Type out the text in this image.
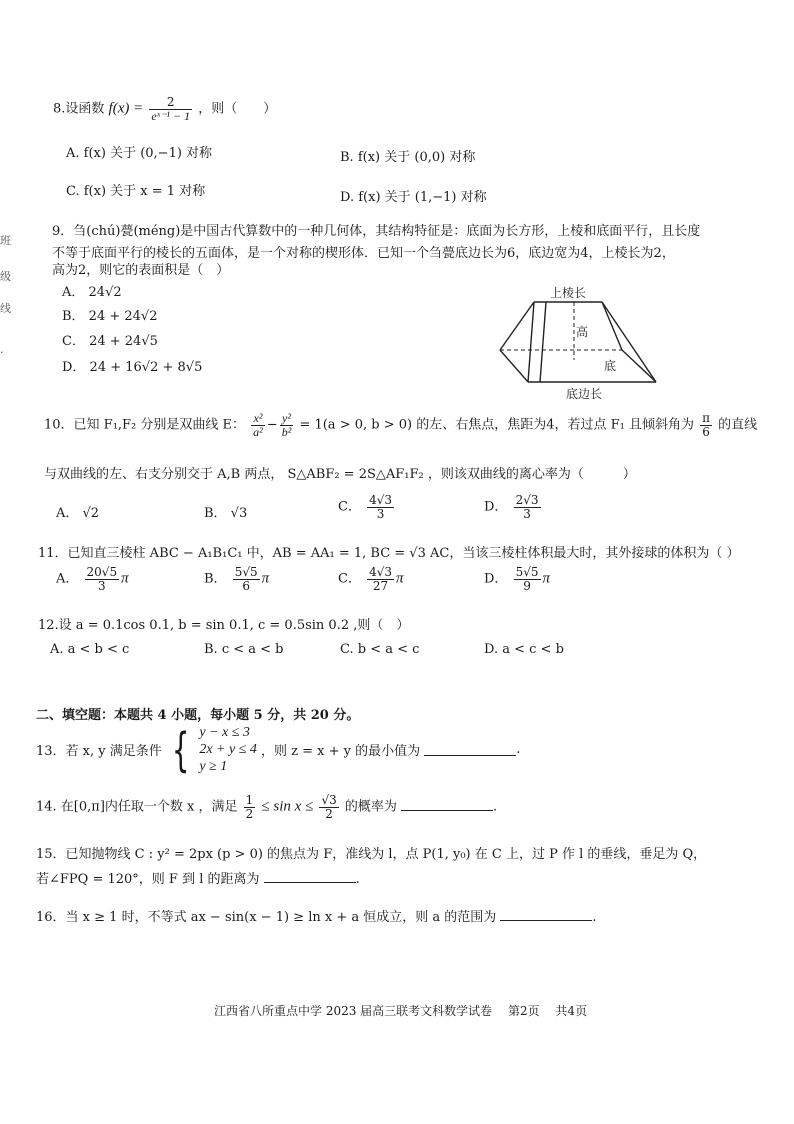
班
级
线
·
8.设函数 $f(x) = \frac{2}{\text{eˣ⁻¹ − 1}}$ ，则（　　）
A. f(x) 关于 (0,−1) 对称	B. f(x) 关于 (0,0) 对称
C. f(x) 关于 x = 1 对称	D. f(x) 关于 (1,−1) 对称
9．刍(chú)甍(méng)是中国古代算数中的一种几何体，其结构特征是：底面为长方形，上棱和底面平行，且长度
不等于底面平行的棱长的五面体，是一个对称的楔形体．已知一个刍甍底边长为6，底边宽为4，上棱长为2，
高为2，则它的表面积是（　）
A． 24√2
B． 24 + 24√2
C． 24 + 24√5
D． 24 + 16√2 + 8√5
上棱长
高
底
底边长
10．已知 F₁,F₂ 分别是双曲线 E： $\frac{\text{x²}}{\text{a²}} - \frac{\text{y²}}{\text{b²}} = 1(a > 0$, b > 0) 的左、右焦点，焦距为4，若过点 F₁ 且倾斜角为 $\frac{\pi}{6}$ 的直线
与双曲线的左、右支分别交于 A,B 两点， S△ABF₂ = 2S△AF₁F₂ ，则该双曲线的离心率为（　　　）
A． √2	B． √3	C． $\frac{4√3}{3}$	D． $\frac{2√3}{3}$
11．已知直三棱柱 ABC − A₁B₁C₁ 中，AB = AA₁ = 1, BC = √3 AC，当该三棱柱体积最大时，其外接球的体积为（ ）
A． $\frac{20√5}{3}$ π	B． $\frac{5√5}{6}$ π	C． $\frac{4√3}{27}$ π	D． $\frac{5√5}{9}$ π
12.设 a = 0.1cos 0.1, b = sin 0.1, c = 0.5sin 0.2 ,则（　）
A. a < b < c	B. c < a < b	C. b < a < c	D. a < c < b
二、填空题：本题共 4 小题，每小题 5 分，共 20 分。
13．若 x, y 满足条件 { y − x ≤ 3
2x + y ≤ 4
y ≥ 1
，则 z = x + y 的最小值为	.
14. 在[0,π]内任取一个数 x ，满足 $\frac{1}{2} \le \sin x \le \frac{√3}{2}$ 的概率为	.
15．已知抛物线 C : y² = 2px (p > 0) 的焦点为 F，准线为 l，点 P(1, y₀) 在 C 上，过 P 作 l 的垂线，垂足为 Q，
若∠FPQ = 120°，则 F 到 l 的距离为	.
16．当 x ≥ 1 时，不等式 ax − sin(x − 1) ≥ ln x + a 恒成立，则 a 的范围为	.
江西省八所重点中学 2023 届高三联考文科数学试卷　 第2页　 共4页
